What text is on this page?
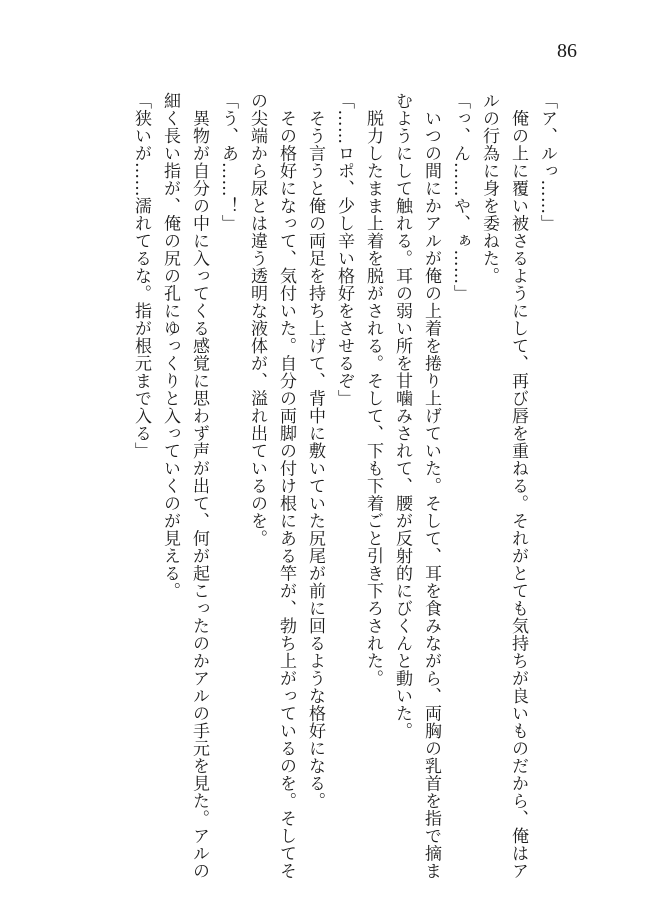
86
「ア、ルっ……」
　俺の上に覆い被さるようにして、再び唇を重ねる。それがとても気持ちが良いものだから、俺はア
ルの行為に身を委ねた。
「っ、ん……や、ぁ……」
　いつの間にかアルが俺の上着を捲り上げていた。そして、耳を食みながら、両胸の乳首を指で摘ま
むようにして触れる。耳の弱い所を甘噛みされて、腰が反射的にびくんと動いた。
　脱力したまま上着を脱がされる。そして、下も下着ごと引き下ろされた。
「……ロポ、少し辛い格好をさせるぞ」
　そう言うと俺の両足を持ち上げて、背中に敷いていた尻尾が前に回るような格好になる。
　その格好になって、気付いた。自分の両脚の付け根にある竿が、勃ち上がっているのを。そしてそ
の尖端から尿とは違う透明な液体が、溢れ出ているのを。
「う、あ……！」
　異物が自分の中に入ってくる感覚に思わず声が出て、何が起こったのかアルの手元を見た。アルの
細く長い指が、俺の尻の孔にゆっくりと入っていくのが見える。
「狭いが……濡れてるな。指が根元まで入る」
